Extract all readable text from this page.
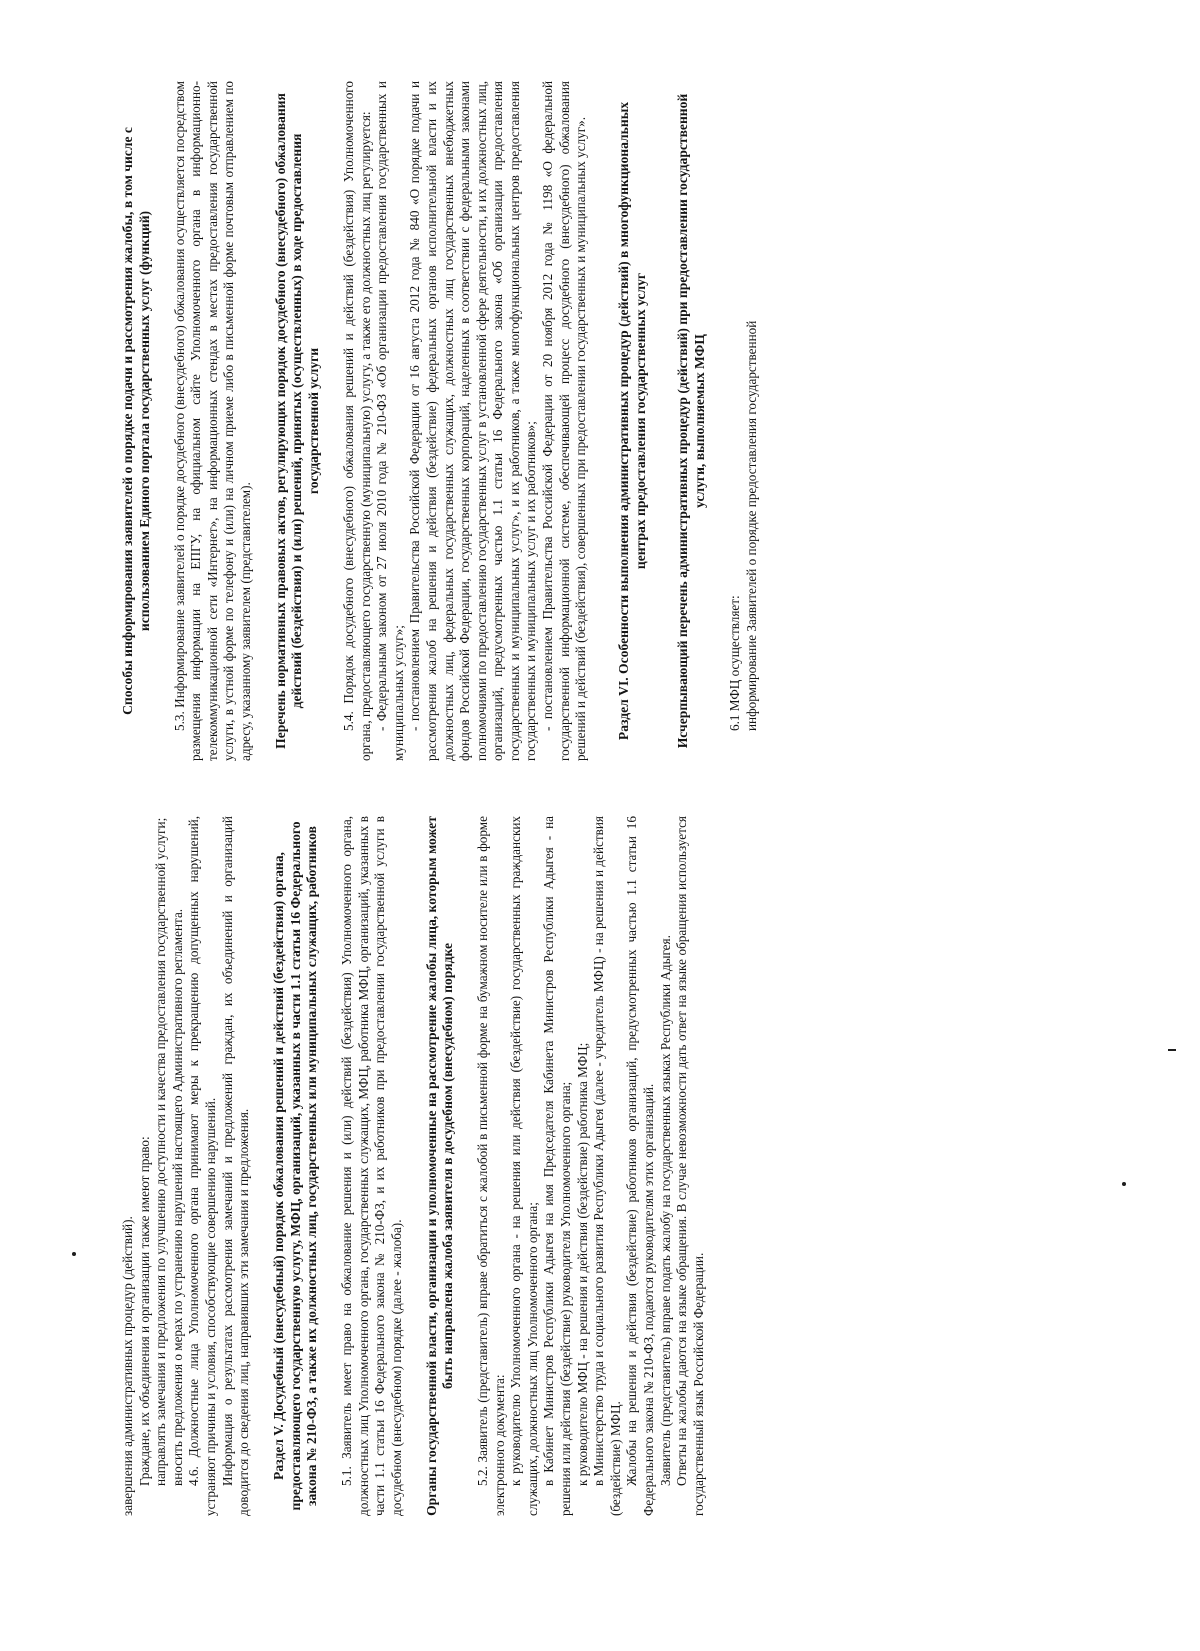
завершения административных процедур (действий). Граждане, их объединения и организации также имеют право: направлять замечания и предложения по улучшению доступности и качества предоставления государственной услуги; вносить предложения о мерах по устранению нарушений настоящего Административного регламента. 4.6. Должностные лица Уполномоченного органа принимают меры к прекращению допущенных нарушений, устраняют причины и условия, способствующие совершению нарушений. Информация о результатах рассмотрения замечаний и предложений граждан, их объединений и организаций доводится до сведения лиц, направивших эти замечания и предложения. Раздел V. Досудебный (внесудебный) порядок обжалования решений и действий (бездействия) органа, предоставляющего государственную услугу, МФЦ, организаций, указанных в части 1.1 статьи 16 Федерального закона № 210-ФЗ, а также их должностных лиц, государственных или муниципальных служащих, работников 5.1. Заявитель имеет право на обжалование решения и (или) действий (бездействия) Уполномоченного органа, должностных лиц Уполномоченного органа, государственных служащих, МФЦ, работника МФЦ, организаций, указанных в части 1.1 статьи 16 Федерального закона № 210-ФЗ, и их работников при предоставлении государственной услуги в досудебном (внесудебном) порядке (далее - жалоба). Органы государственной власти, организации и уполномоченные на рассмотрение жалобы лица, которым может быть направлена жалоба заявителя в досудебном (внесудебном) порядке 5.2. Заявитель (представитель) вправе обратиться с жалобой в письменной форме на бумажном носителе или в форме электронного документа: к руководителю Уполномоченного органа - на решения или действия (бездействие) государственных гражданских служащих, должностных лиц Уполномоченного органа; в Кабинет Министров Республики Адыгея на имя Председателя Кабинета Министров Республики Адыгея - на решения или действия (бездействие) руководителя Уполномоченного органа; к руководителю МФЦ - на решения и действия (бездействие) работника МФЦ; в Министерство труда и социального развития Республики Адыгея (далее - учредитель МФЦ) - на решения и действия (бездействие) МФЦ. Жалобы на решения и действия (бездействие) работников организаций, предусмотренных частью 1.1 статьи 16 Федерального закона № 210-ФЗ, подаются руководителям этих организаций. Заявитель (представитель) вправе подать жалобу на государственных языках Республики Адыгея. Ответы на жалобы даются на языке обращения. В случае невозможности дать ответ на языке обращения используется государственный язык Российской Федерации.
Способы информирования заявителей о порядке подачи и рассмотрения жалобы, в том числе с использованием Единого портала государственных услуг (функций) 5.3. Информирование заявителей о порядке досудебного (внесудебного) обжалования осуществляется посредством размещения информации на ЕПГУ, на официальном сайте Уполномоченного органа в информационно-телекоммуникационной сети «Интернет», на информационных стендах в местах предоставления государственной услуги, в устной форме по телефону и (или) на личном приеме либо в письменной форме почтовым отправлением по адресу, указанному заявителем (представителем). Перечень нормативных правовых актов, регулирующих порядок досудебного (внесудебного) обжалования действий (бездействия) и (или) решений, принятых (осуществленных) в ходе предоставления государственной услуги 5.4. Порядок досудебного (внесудебного) обжалования решений и действий (бездействия) Уполномоченного органа, предоставляющего государственную (муниципальную) услугу, а также его должностных лиц регулируется: - Федеральным законом от 27 июля 2010 года № 210-ФЗ «Об организации предоставления государственных и муниципальных услуг»; - постановлением Правительства Российской Федерации от 16 августа 2012 года № 840 «О порядке подачи и рассмотрения жалоб на решения и действия (бездействие) федеральных органов исполнительной власти и их должностных лиц, федеральных государственных служащих, должностных лиц государственных внебюджетных фондов Российской Федерации, государственных корпораций, наделенных в соответствии с федеральными законами полномочиями по предоставлению государственных услуг в установленной сфере деятельности, и их должностных лиц, организаций, предусмотренных частью 1.1 статьи 16 Федерального закона «Об организации предоставления государственных и муниципальных услуг», и их работников, а также многофункциональных центров предоставления государственных и муниципальных услуг и их работников»; - постановлением Правительства Российской Федерации от 20 ноября 2012 года № 1198 «О федеральной государственной информационной системе, обеспечивающей процесс досудебного (внесудебного) обжалования решений и действий (бездействия), совершенных при предоставлении государственных и муниципальных услуг». Раздел VI. Особенности выполнения административных процедур (действий) в многофункциональных центрах предоставления государственных услуг Исчерпывающий перечень административных процедур (действий) при предоставлении государственной услуги, выполняемых МФЦ
6.1 МФЦ осуществляет: информирование Заявителей о порядке предоставления государственной
